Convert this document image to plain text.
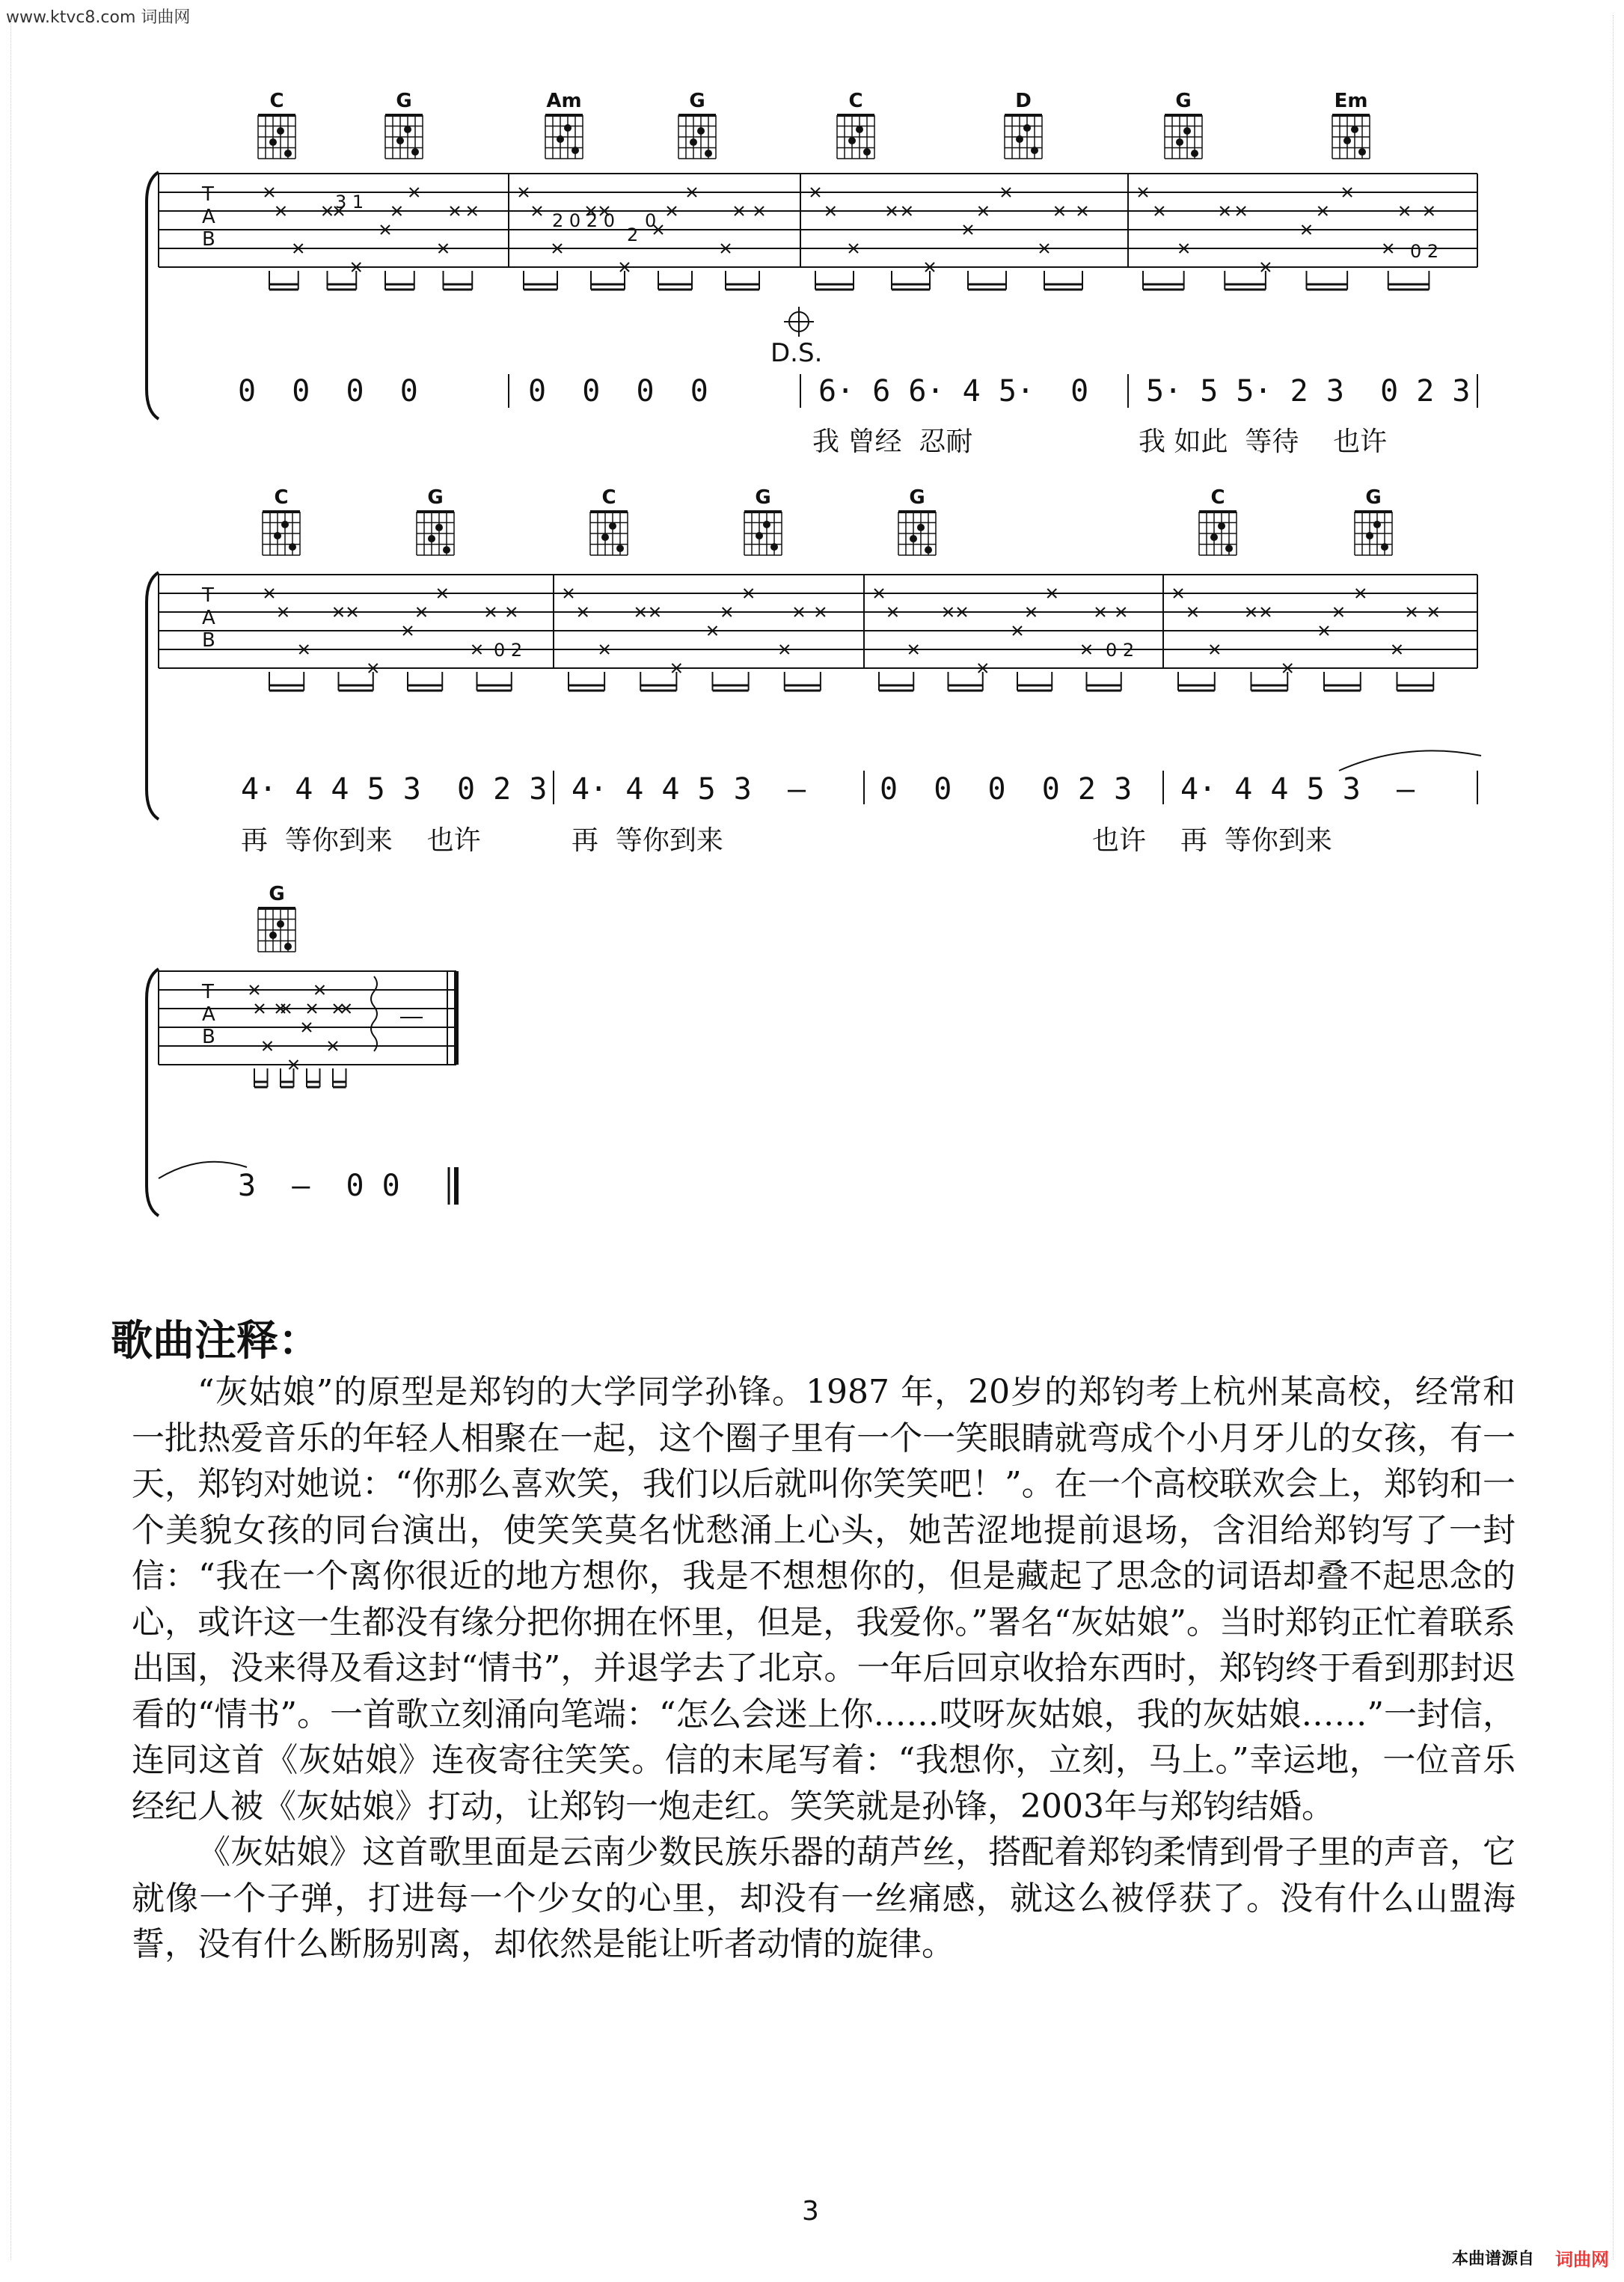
www.ktvc8.com 词曲网
T
A
B
T
A
B
T
A
B
3 1
2 0 2 0 0
2
0 2
0 2	0 2
C	G	Am	G	C	D	G	Em
C	G	C	G	G	C	G
G
D.S.
0  0  0  0	0  0  0  0	6· 6 6· 4 5·  0 5· 5 5· 2 3  0 2 3
我 曾经  忍耐	我 如此  等待    也许
4· 4 4 5 3  0 2 3 4· 4 4 5 3  – 0  0  0  0 2 3 4· 4 4 5 3  –
再  等你到来    也许	再  等你到来	也许 再  等你到来
3  –  0 0
歌曲注释：

“灰姑娘”的原型是郑钧的大学同学孙锋。1987 年，20岁的郑钧考上杭州某高校，经常和一批热爱音乐的年轻人相聚在一起，这个圈子里有一个一笑眼睛就弯成个小月牙儿的女孩，有一天，郑钧对她说：“你那么喜欢笑，我们以后就叫你笑笑吧！”。在一个高校联欢会上，郑钧和一个美貌女孩的同台演出，使笑笑莫名忧愁涌上心头，她苦涩地提前退场，含泪给郑钧写了一封信：“我在一个离你很近的地方想你，我是不想想你的，但是藏起了思念的词语却叠不起思念的心，或许这一生都没有缘分把你拥在怀里，但是，我爱你。”署名“灰姑娘”。当时郑钧正忙着联系出国，没来得及看这封“情书”，并退学去了北京。一年后回京收拾东西时，郑钧终于看到那封迟看的“情书”。一首歌立刻涌向笔端：“怎么会迷上你……哎呀灰姑娘，我的灰姑娘……”一封信，连同这首《灰姑娘》连夜寄往笑笑。信的末尾写着：“我想你，立刻，马上。”幸运地，一位音乐经纪人被《灰姑娘》打动，让郑钧一炮走红。笑笑就是孙锋，2003年与郑钧结婚。

《灰姑娘》这首歌里面是云南少数民族乐器的葫芦丝，搭配着郑钧柔情到骨子里的声音，它就像一个子弹，打进每一个少女的心里，却没有一丝痛感，就这么被俘获了。没有什么山盟海誓，没有什么断肠别离，却依然是能让听者动情的旋律。

3
本曲谱源自 词曲网
